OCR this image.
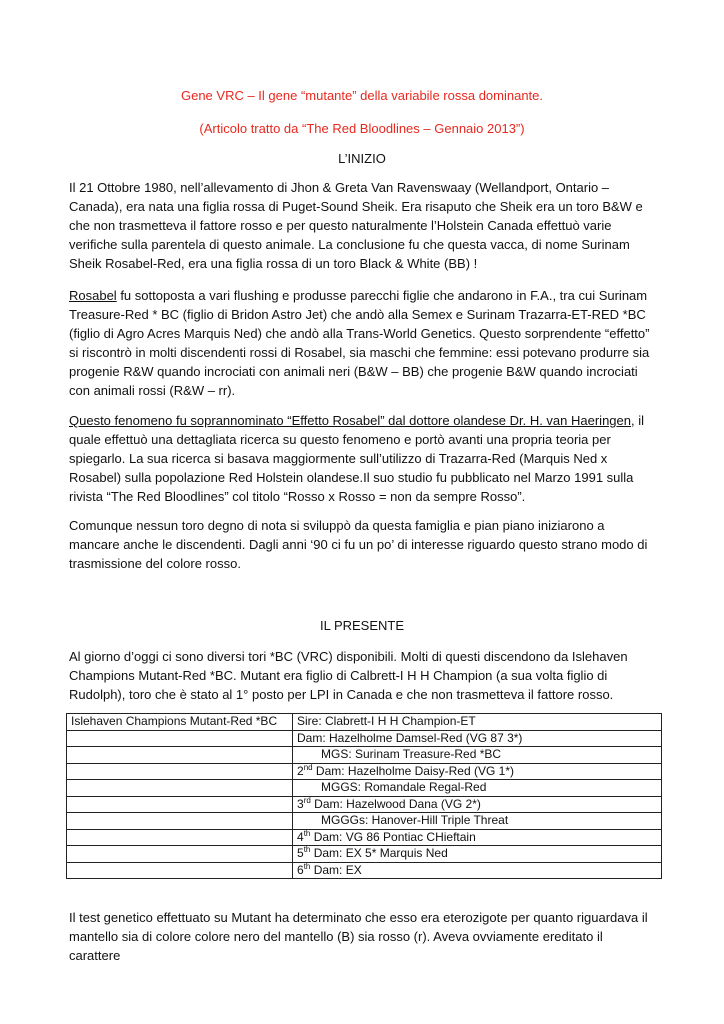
Gene VRC – Il gene “mutante” della variabile rossa dominante.
(Articolo tratto da “The Red Bloodlines – Gennaio 2013”)
L’INIZIO

Il 21 Ottobre 1980, nell’allevamento di Jhon & Greta Van Ravenswaay (Wellandport, Ontario – Canada), era nata una figlia rossa di Puget-Sound Sheik. Era risaputo che Sheik era un toro B&W e che non trasmetteva il fattore rosso e per questo naturalmente l’Holstein Canada effettuò varie verifiche sulla parentela di questo animale. La conclusione fu che questa vacca, di nome Surinam Sheik Rosabel-Red, era una figlia rossa di un toro Black & White (BB) !

Rosabel fu sottoposta a vari flushing e produsse parecchi figlie che andarono in F.A., tra cui Surinam Treasure-Red * BC (figlio di Bridon Astro Jet) che andò alla Semex e Surinam Trazarra-ET-RED *BC (figlio di Agro Acres Marquis Ned) che andò alla Trans-World Genetics. Questo sorprendente “effetto” si riscontrò in molti discendenti rossi di Rosabel, sia maschi che femmine: essi potevano produrre sia progenie R&W quando incrociati con animali neri (B&W – BB) che progenie B&W quando incrociati con animali rossi (R&W – rr).

Questo fenomeno fu soprannominato “Effetto Rosabel” dal dottore olandese Dr. H. van Haeringen, il quale effettuò una dettagliata ricerca su questo fenomeno e portò avanti una propria teoria per spiegarlo. La sua ricerca si basava maggiormente sull’utilizzo di Trazarra-Red (Marquis Ned x Rosabel) sulla popolazione Red Holstein olandese.Il suo studio fu pubblicato nel Marzo 1991 sulla rivista “The Red Bloodlines” col titolo “Rosso x Rosso = non da sempre Rosso”.

Comunque nessun toro degno di nota si sviluppò da questa famiglia e pian piano iniziarono a mancare anche le discendenti. Dagli anni ‘90 ci fu un po’ di interesse riguardo questo strano modo di trasmissione del colore rosso.

IL PRESENTE

Al giorno d’oggi ci sono diversi tori *BC (VRC) disponibili. Molti di questi discendono da Islehaven Champions Mutant-Red *BC. Mutant era figlio di Calbrett-I H H Champion (a sua volta figlio di Rudolph), toro che è stato al 1° posto per LPI in Canada e che non trasmetteva il fattore rosso.

Islehaven Champions Mutant-Red *BC	Sire: Clabrett-I H H Champion-ET
	Dam: Hazelholme Damsel-Red (VG 87 3*)
	MGS: Surinam Treasure-Red *BC
	2nd Dam: Hazelholme Daisy-Red (VG 1*)
	MGGS: Romandale Regal-Red
	3rd Dam: Hazelwood Dana (VG 2*)
	MGGGs: Hanover-Hill Triple Threat
	4th Dam: VG 86 Pontiac CHieftain
	5th Dam: EX 5* Marquis Ned
	6th Dam: EX

Il test genetico effettuato su Mutant ha determinato che esso era eterozigote per quanto riguardava il mantello sia di colore colore nero del mantello (B) sia rosso (r). Aveva ovviamente ereditato il carattere
